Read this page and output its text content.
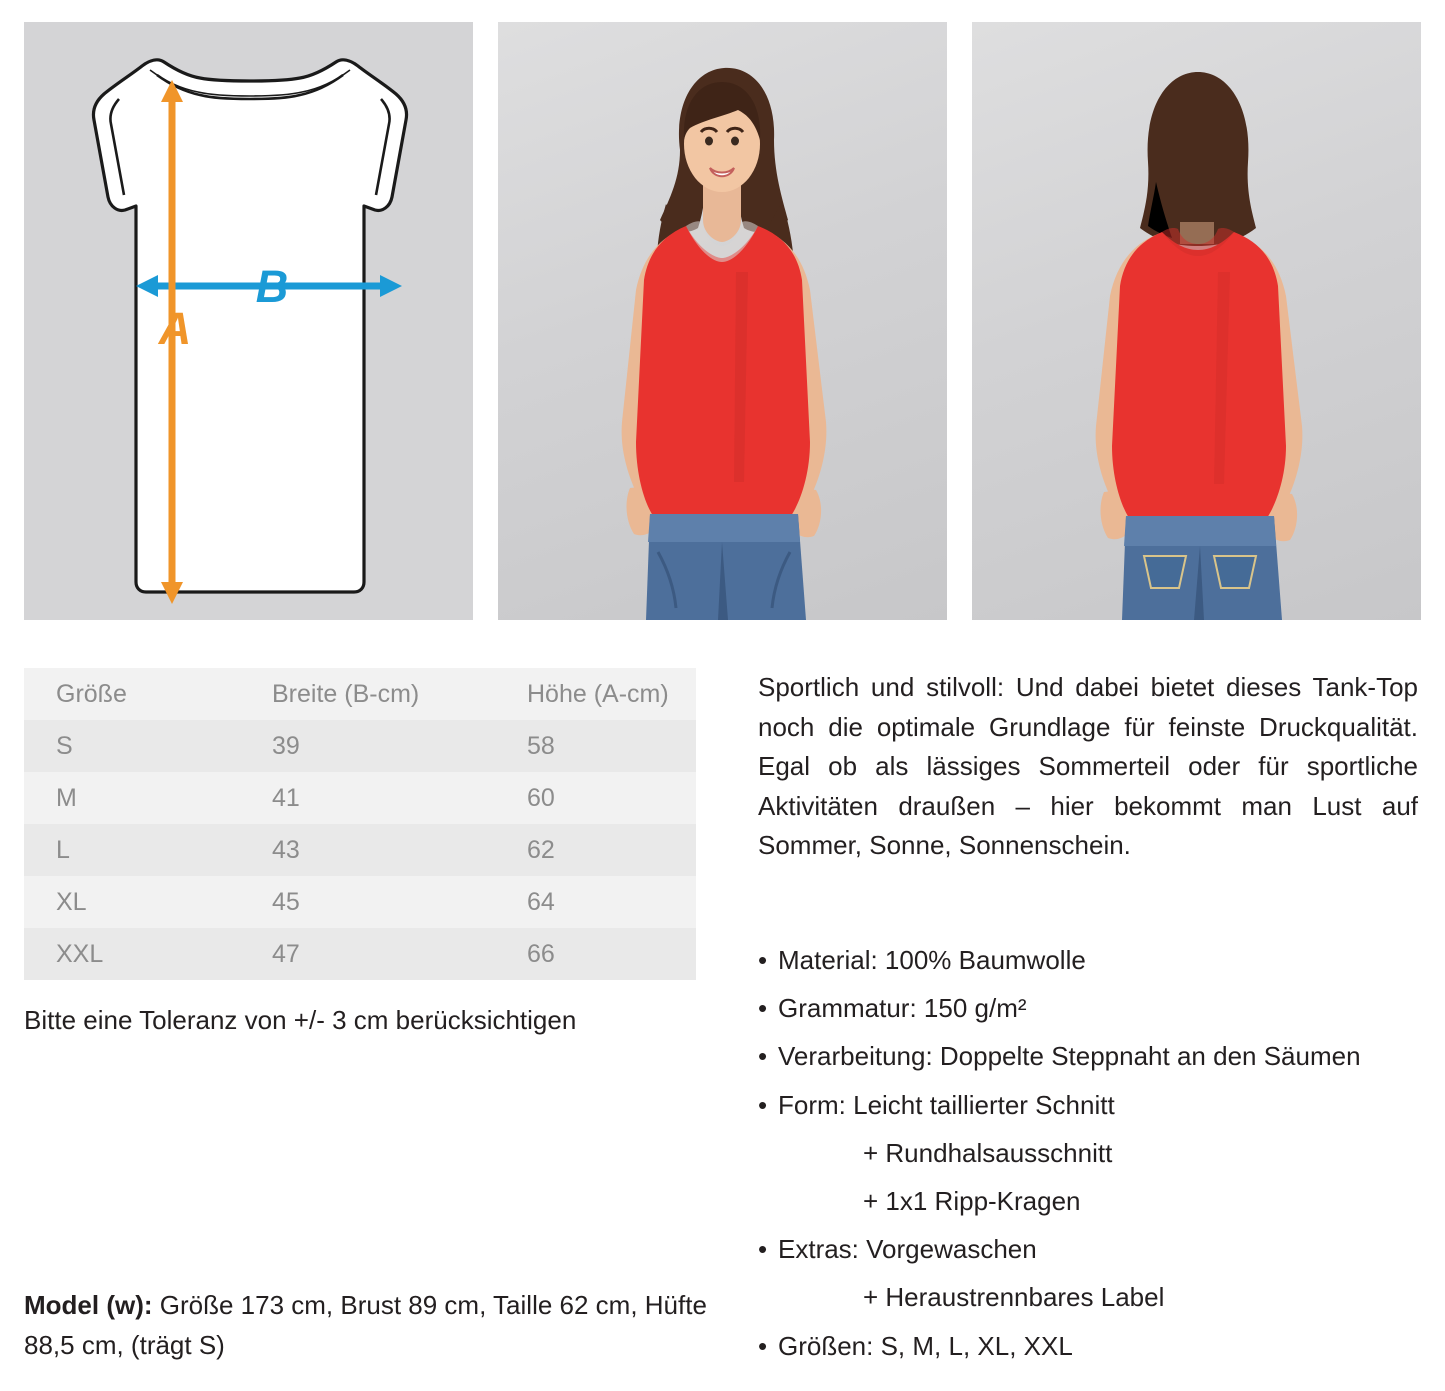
B
A
Größe	Breite (B-cm)	Höhe (A-cm)
S	39	58
M	41	60
L	43	62
XL	45	64
XXL	47	66
Bitte eine Toleranz von +/- 3 cm berücksichtigen
Model (w): Größe 173 cm, Brust 89 cm, Taille 62 cm, Hüfte 88,5 cm, (trägt S)
Sportlich und stilvoll: Und dabei bietet dieses Tank-Top noch die optimale Grundlage für feinste Druckqualität. Egal ob als lässiges Sommerteil oder für sportliche Aktivitäten draußen – hier bekommt man Lust auf Sommer, Sonne, Sonnenschein.
• Material: 100% Baumwolle
• Grammatur: 150 g/m²
• Verarbeitung: Doppelte Steppnaht an den Säumen
• Form: Leicht taillierter Schnitt
+ Rundhalsausschnitt
+ 1x1 Ripp-Kragen
• Extras: Vorgewaschen
+ Heraustrennbares Label
• Größen: S, M, L, XL, XXL
